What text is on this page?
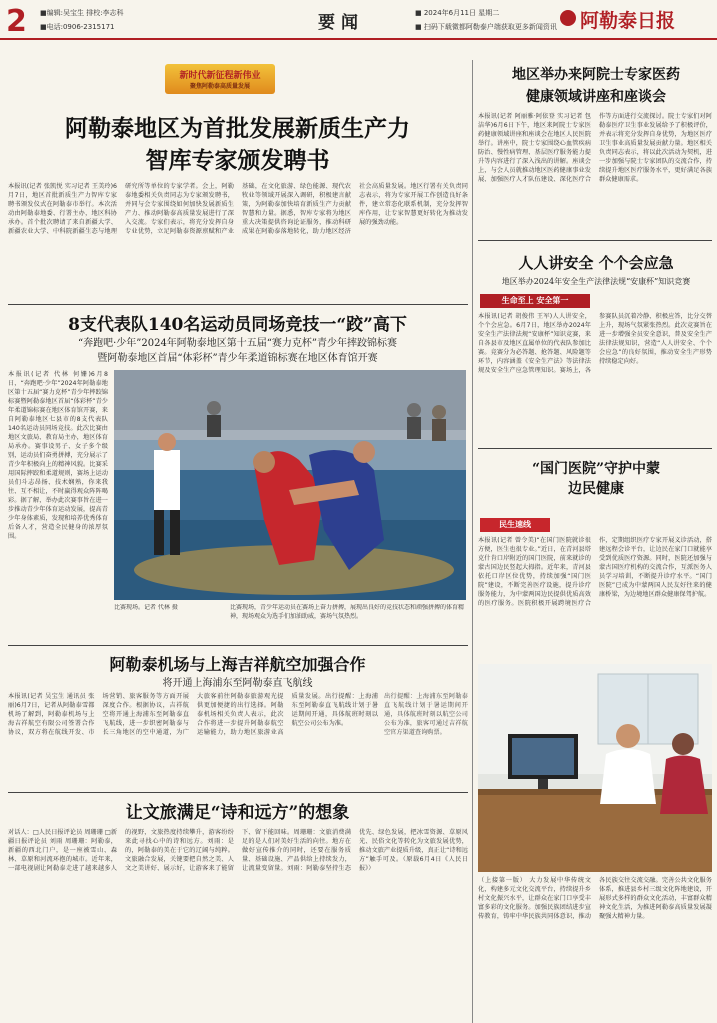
2 ■编辑:吴宝生 排校:李志科
■电话:0906-2315171	要闻	■ 2024年6月11日 星期二
■ 扫码下载微都阿勒泰户端获取更多新闻资讯 阿勒泰日报
新时代新征程新伟业
聚焦阿勒泰高质量发展
阿勒泰地区为首批发展新质生产力
智库专家颁发聘书
本报讯(记者 张凯悦 实习记者 王美玲)6月7日，地区首批新质生产力智库专家聘书颁发仪式在阿勒泰市举行。本次活动由阿勒泰地委、行署主办，地区科协承办。首个批次聘请了来自新疆大学、新疆农业大学、中科院新疆生态与地理研究所等单位的专家学者。会上，阿勒泰地委相关负责同志为专家颁发聘书，并同与会专家围绕如何加快发展新质生产力、推动阿勒泰高质量发展进行了深入交流。专家们表示，将充分发挥自身专业优势，立足阿勒泰资源禀赋和产业基础，在文化旅游、绿色能源、现代农牧业等领域开展深入调研，积极建言献策，为阿勒泰加快培育新质生产力贡献智慧和力量。据悉，智库专家将为地区重大决策提供咨询论证服务，推动科研成果在阿勒泰落地转化，助力地区经济社会高质量发展。地区行署有关负责同志表示，将为专家开展工作创造良好条件，建立常态化联系机制，充分发挥智库作用，让专家智慧更好转化为推动发展的强劲动能。
8支代表队140名运动员同场竞技一“跤”高下
“奔跑吧·少年”2024年阿勒泰地区第十五届“赛力克杯”青少年摔跤锦标赛
暨阿勒泰地区首届“体彩杯”青少年柔道锦标赛在地区体育馆开赛
本报讯(记者 代林 何姗)6月8日，“奔跑吧·少年”2024年阿勒泰地区第十五届“赛力克杯”青少年摔跤锦标赛暨阿勒泰地区首届“体彩杯”青少年柔道锦标赛在地区体育馆开赛，来自阿勒泰地区七县市的8支代表队140名运动员同场竞技。此次比赛由地区文旅局、教育局主办，地区体育局承办。赛事设男子、女子多个级别，运动员们奋勇拼搏，充分展示了青少年积极向上的精神风貌。比赛采用国际摔跤和柔道规则，赛场上运动员们斗志昂扬、技术娴熟，你来我往、互不相让，不时赢得观众阵阵喝彩。据了解，举办此次赛事旨在进一步推动青少年体育运动发展，提高青少年身体素质，发现和培养优秀体育后备人才，营造全民健身的浓厚氛围。
比赛现场。记者 代林 摄	比赛现场，青少年运动员在赛场上奋力拼搏，展现出良好的竞技状态和顽强拼搏的体育精神，现场观众为选手们加油助威，赛场气氛热烈。
阿勒泰机场与上海吉祥航空加强合作
将开通上海浦东至阿勒泰直飞航线
本报讯(记者 吴宝生 通讯员 张丽)6月7日，记者从阿勒泰雪都机场了解到，阿勒泰机场与上海吉祥航空有限公司签署合作协议，双方将在航线开发、市场营销、旅客服务等方面开展深度合作。根据协议，吉祥航空将开通上海浦东至阿勒泰直飞航线，进一步织密阿勒泰与长三角地区的空中通道，为广大旅客前往阿勒泰旅游观光提供更加便捷的出行选择。阿勒泰机场相关负责人表示，此次合作将进一步提升阿勒泰航空运输能力，助力地区旅游业高质量发展。出行提醒：上海浦东至阿勒泰直飞航线计划于暑运期间开通，具体航班时刻以航空公司公布为准。
出行提醒：上海浦东至阿勒泰直飞航线计划于暑运期间开通，具体航班时刻以航空公司公布为准，旅客可通过吉祥航空官方渠道查询购票。
让文旅满足“诗和远方”的想象
对话人：□人民日报评论员 周珊珊 □新疆日报评论员 刘雨 周珊珊：阿勒泰，新疆的西北门户，是一座被雪山、森林、草原和河流环抱的城市。近年来，一部电视剧让阿勒泰走进了越来越多人的视野，文旅热度持续攀升，游客纷纷来此寻找心中的诗和远方。刘雨：是的，阿勒泰的美在于它的辽阔与纯粹。文旅融合发展，关键要把自然之美、人文之美讲好、展示好，让游客来了能留下、留下能回味。周珊珊：文旅消费满足的是人们对美好生活的向往。地方在做好宣传推介的同时，还要在服务质量、基础设施、产品供给上持续发力，让流量变留量。刘雨：阿勒泰坚持生态优先、绿色发展，把冰雪资源、草原风光、民俗文化等转化为文旅发展优势，推动文旅产业提质升级，真正让“诗和远方”触手可及。（原载6月4日《人民日报》）
地区举办来阿院士专家医药
健康领域讲座和座谈会
本报讯(记者 阿丽雅·阿依登 实习记者 包洁华)6月6日下午，地区来阿院士专家医药健康领域讲座和座谈会在地区人民医院举行。讲座中，院士专家围绕心血管疾病防治、慢性病管理、基层医疗服务能力提升等内容进行了深入浅出的讲解。座谈会上，与会人员就推动地区医药健康事业发展、加强医疗人才队伍建设、深化医疗合作等方面进行交流探讨。院士专家们对阿勒泰医疗卫生事业发展给予了积极评价，并表示将充分发挥自身优势，为地区医疗卫生事业高质量发展贡献力量。地区相关负责同志表示，将以此次活动为契机，进一步加强与院士专家团队的交流合作，持续提升地区医疗服务水平，更好满足各族群众健康需求。
人人讲安全 个个会应急
地区举办2024年安全生产法律法规“安康杯”知识竞赛
生命至上 安全第一
本报讯(记者 胡俊伟 王军)人人讲安全，个个会应急。6月7日，地区举办2024年安全生产法律法规“安康杯”知识竞赛，来自各县市及地区直属单位的代表队参加比赛。竞赛分为必答题、抢答题、风险题等环节，内容涵盖《安全生产法》等法律法规及安全生产应急管理知识。赛场上，各参赛队员沉着冷静、积极应答，比分交替上升，现场气氛紧张热烈。此次竞赛旨在进一步增强全员安全意识，普及安全生产法律法规知识，营造“人人讲安全、个个会应急”的良好氛围，推动安全生产形势持续稳定向好。
“国门医院”守护中蒙
边民健康
民生速线
本报讯(记者 曾令美)“在国门医院就诊很方便，医生也很专业。”近日，在青河县塔克什肯口岸附近的国门医院，前来就诊的蒙古国边民竖起大拇指。近年来，青河县依托口岸区位优势，持续加强“国门医院”建设，不断完善医疗设施，提升诊疗服务能力，为中蒙两国边民提供优质高效的医疗服务。医院积极开展跨境医疗合作，定期组织医疗专家开展义诊活动，搭建远程会诊平台，让边民在家门口就能享受到优质医疗资源。同时，医院还加强与蒙古国医疗机构的交流合作，互派医务人员学习培训，不断提升诊疗水平。“国门医院”已成为中蒙两国人民友好往来的健康桥梁，为边境地区群众健康保驾护航。
（上接第一版） 大力发展中华传统文化，构建多元文化交流平台，持续提升乡村文化振兴水平，让群众在家门口享受丰富多彩的文化服务。加强民族团结进步宣传教育，铸牢中华民族共同体意识，推动各民族交往交流交融。完善公共文化服务体系，推进县乡村三级文化阵地建设，开展形式多样的群众文化活动，丰富群众精神文化生活，为推进阿勒泰高质量发展凝聚强大精神力量。
